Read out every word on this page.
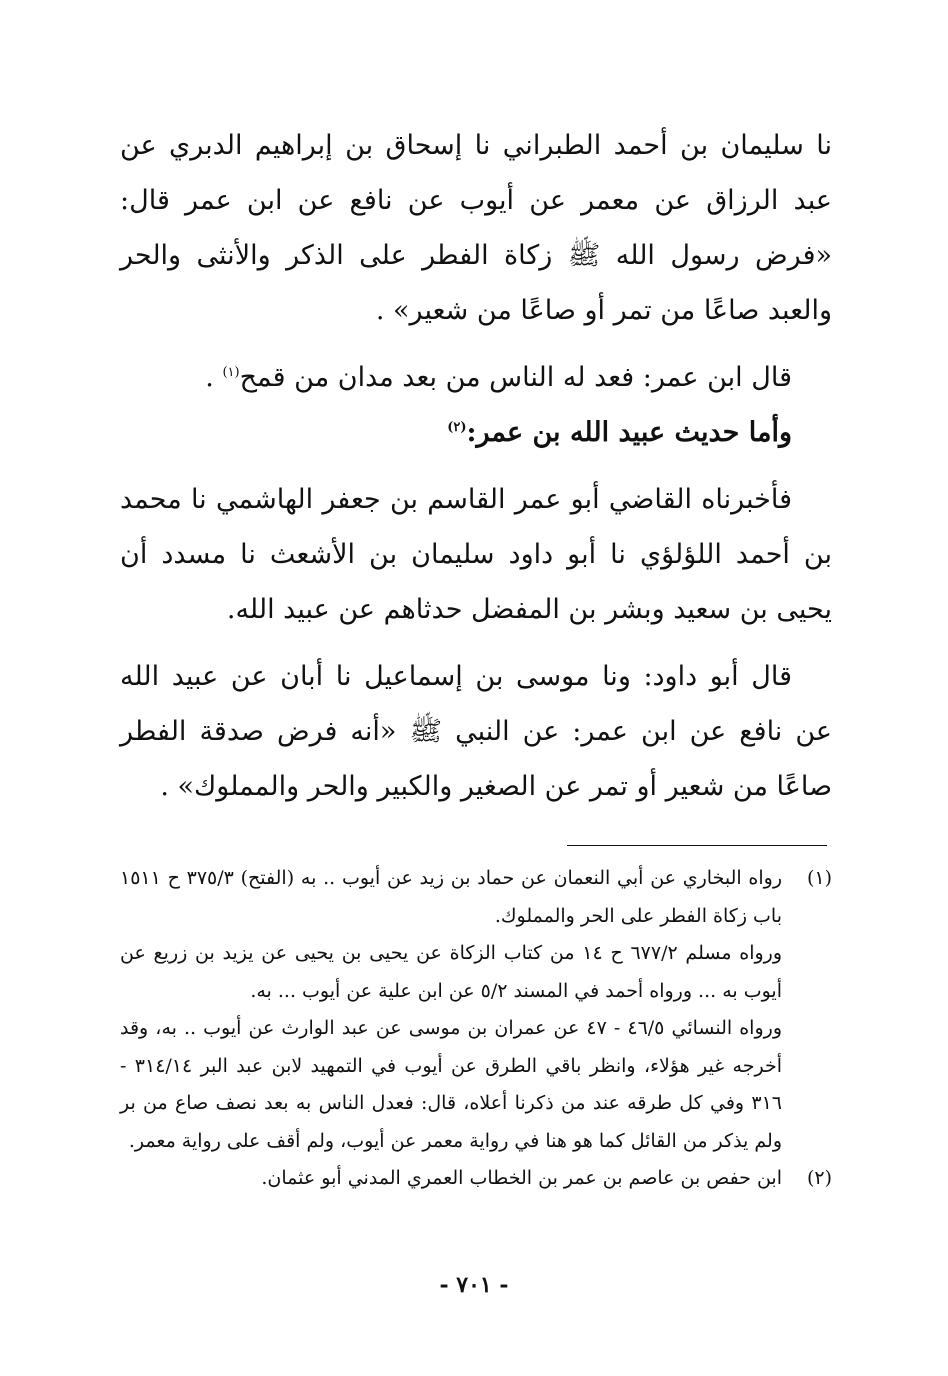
نا سليمان بن أحمد الطبراني نا إسحاق بن إبراهيم الدبري عن عبد الرزاق عن معمر عن أيوب عن نافع عن ابن عمر قال: «فرض رسول الله ﷺ زكاة الفطر على الذكر والأنثى والحر والعبد صاعًا من تمر أو صاعًا من شعير» .

قال ابن عمر: فعد له الناس من بعد مدان من قمح$^{(١)}$ .

وأما حديث عبيد الله بن عمر:$^{(٢)}$

فأخبرناه القاضي أبو عمر القاسم بن جعفر الهاشمي نا محمد بن أحمد اللؤلؤي نا أبو داود سليمان بن الأشعث نا مسدد أن يحيى بن سعيد وبشر بن المفضل حدثاهم عن عبيد الله.

قال أبو داود: ونا موسى بن إسماعيل نا أبان عن عبيد الله عن نافع عن ابن عمر: عن النبي ﷺ «أنه فرض صدقة الفطر صاعًا من شعير أو تمر عن الصغير والكبير والحر والمملوك» .

(١)

رواه البخاري عن أبي النعمان عن حماد بن زيد عن أيوب .. به (الفتح) ٣٧٥/٣ ح ١٥١١ باب زكاة الفطر على الحر والمملوك.

ورواه مسلم ٦٧٧/٢ ح ١٤ من كتاب الزكاة عن يحيى بن يحيى عن يزيد بن زريع عن أيوب به ... ورواه أحمد في المسند ٥/٢ عن ابن علية عن أيوب ... به.

ورواه النسائي ٤٦/٥ - ٤٧ عن عمران بن موسى عن عبد الوارث عن أيوب .. به، وقد أخرجه غير هؤلاء، وانظر باقي الطرق عن أيوب في التمهيد لابن عبد البر ٣١٤/١٤ - ٣١٦ وفي كل طرقه عند من ذكرنا أعلاه، قال: فعدل الناس به بعد نصف صاع من بر ولم يذكر من القائل كما هو هنا في رواية معمر عن أيوب، ولم أقف على رواية معمر.

(٢)

ابن حفص بن عاصم بن عمر بن الخطاب العمري المدني أبو عثمان.

- ٧٠١ -
